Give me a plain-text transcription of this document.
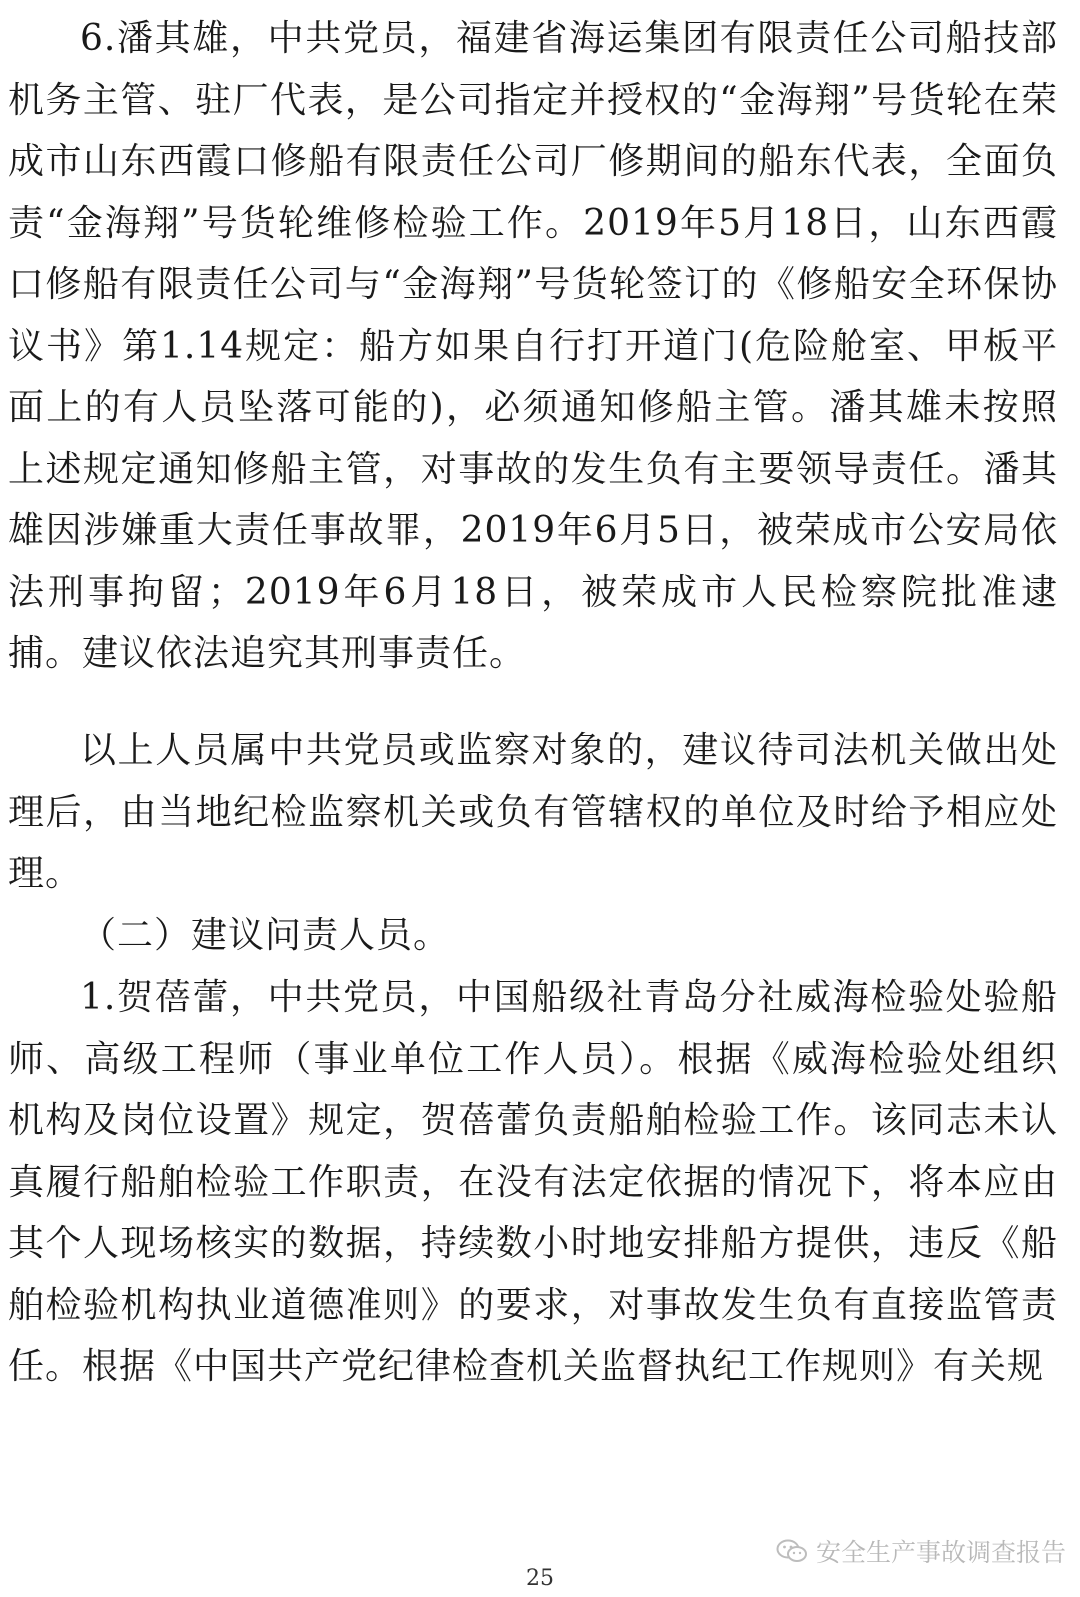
6.潘其雄，中共党员，福建省海运集团有限责任公司船技部机务主管、驻厂代表，是公司指定并授权的“金海翔”号货轮在荣成市山东西霞口修船有限责任公司厂修期间的船东代表，全面负责“金海翔”号货轮维修检验工作。2019年5月18日，山东西霞口修船有限责任公司与“金海翔”号货轮签订的《修船安全环保协议书》第1.14规定：船方如果自行打开道门(危险舱室、甲板平面上的有人员坠落可能的)，必须通知修船主管。潘其雄未按照上述规定通知修船主管，对事故的发生负有主要领导责任。潘其雄因涉嫌重大责任事故罪，2019年6月5日，被荣成市公安局依法刑事拘留；2019年6月18日，被荣成市人民检察院批准逮捕。建议依法追究其刑事责任。

以上人员属中共党员或监察对象的，建议待司法机关做出处理后，由当地纪检监察机关或负有管辖权的单位及时给予相应处理。

（二）建议问责人员。

1.贺蓓蕾，中共党员，中国船级社青岛分社威海检验处验船师、高级工程师（事业单位工作人员）。根据《威海检验处组织机构及岗位设置》规定，贺蓓蕾负责船舶检验工作。该同志未认真履行船舶检验工作职责，在没有法定依据的情况下，将本应由其个人现场核实的数据，持续数小时地安排船方提供，违反《船舶检验机构执业道德准则》的要求，对事故发生负有直接监管责任。根据《中国共产党纪律检查机关监督执纪工作规则》有关规

安全生产事故调查报告
25
